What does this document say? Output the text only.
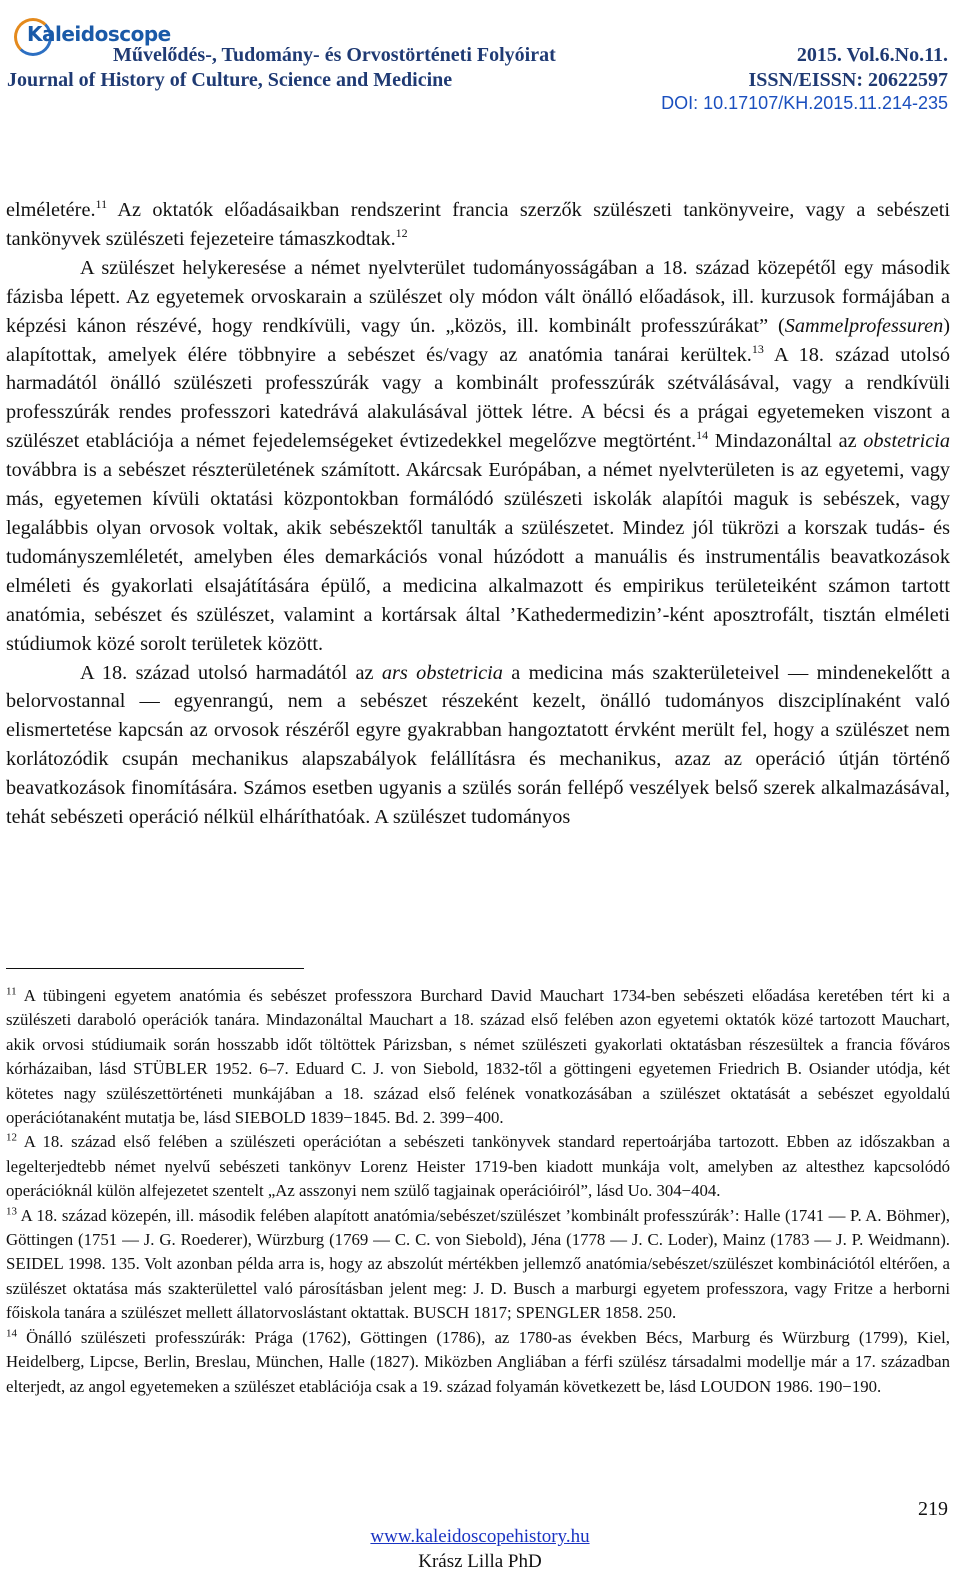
Kaleidoscope
Művelődés-, Tudomány- és Orvostörténeti Folyóirat
Journal of History of Culture, Science and Medicine
2015. Vol.6.No.11.
ISSN/EISSN: 20622597
DOI: 10.17107/KH.2015.11.214-235

elméletére.$^{11}$ Az oktatók előadásaikban rendszerint francia szerzők szülészeti tankönyveire, vagy a sebészeti tankönyvek szülészeti fejezeteire támaszkodtak.$^{12}$

A szülészet helykeresése a német nyelvterület tudományosságában a 18. század közepétől egy második fázisba lépett. Az egyetemek orvoskarain a szülészet oly módon vált önálló előadások, ill. kurzusok formájában a képzési kánon részévé, hogy rendkívüli, vagy ún. „közös, ill. kombinált professzúrákat” (Sammelprofessuren) alapítottak, amelyek élére többnyire a sebészet és/vagy az anatómia tanárai kerültek.$^{13}$ A 18. század utolsó harmadától önálló szülészeti professzúrák vagy a kombinált professzúrák szétválásával, vagy a rendkívüli professzúrák rendes professzori katedrává alakulásával jöttek létre. A bécsi és a prágai egyetemeken viszont a szülészet etablációja a német fejedelemségeket évtizedekkel megelőzve megtörtént.$^{14}$ Mindazonáltal az obstetricia továbbra is a sebészet részterületének számított. Akárcsak Európában, a német nyelvterületen is az egyetemi, vagy más, egyetemen kívüli oktatási központokban formálódó szülészeti iskolák alapítói maguk is sebészek, vagy legalábbis olyan orvosok voltak, akik sebészektől tanulták a szülészetet. Mindez jól tükrözi a korszak tudás- és tudományszemléletét, amelyben éles demarkációs vonal húzódott a manuális és instrumentális beavatkozások elméleti és gyakorlati elsajátítására épülő, a medicina alkalmazott és empirikus területeiként számon tartott anatómia, sebészet és szülészet, valamint a kortársak által ’Kathedermedizin’-ként aposztrofált, tisztán elméleti stúdiumok közé sorolt területek között.

A 18. század utolsó harmadától az ars obstetricia a medicina más szakterületeivel — mindenekelőtt a belorvostannal — egyenrangú, nem a sebészet részeként kezelt, önálló tudományos diszciplínaként való elismertetése kapcsán az orvosok részéről egyre gyakrabban hangoztatott érvként merült fel, hogy a szülészet nem korlátozódik csupán mechanikus alapszabályok felállításra és mechanikus, azaz az operáció útján történő beavatkozások finomítására. Számos esetben ugyanis a szülés során fellépő veszélyek belső szerek alkalmazásával, tehát sebészeti operáció nélkül elháríthatóak. A szülészet tudományos

$^{11}$ A tübingeni egyetem anatómia és sebészet professzora Burchard David Mauchart 1734-ben sebészeti előadása keretében tért ki a szülészeti daraboló operációk tanára. Mindazonáltal Mauchart a 18. század első felében azon egyetemi oktatók közé tartozott Mauchart, akik orvosi stúdiumaik során hosszabb időt töltöttek Párizsban, s német szülészeti gyakorlati oktatásban részesültek a francia főváros kórházaiban, lásd STÜBLER 1952. 6–7. Eduard C. J. von Siebold, 1832-től a göttingeni egyetemen Friedrich B. Osiander utódja, két kötetes nagy szülészettörténeti munkájában a 18. század első felének vonatkozásában a szülészet oktatását a sebészet egyoldalú operációtanaként mutatja be, lásd SIEBOLD 1839−1845. Bd. 2. 399−400.

$^{12}$ A 18. század első felében a szülészeti operációtan a sebészeti tankönyvek standard repertoárjába tartozott. Ebben az időszakban a legelterjedtebb német nyelvű sebészeti tankönyv Lorenz Heister 1719-ben kiadott munkája volt, amelyben az altesthez kapcsolódó operációknál külön alfejezetet szentelt „Az asszonyi nem szülő tagjainak operációiról”, lásd Uo. 304−404.

$^{13}$ A 18. század közepén, ill. második felében alapított anatómia/sebészet/szülészet ’kombinált professzúrák’: Halle (1741 — P. A. Böhmer), Göttingen (1751 — J. G. Roederer), Würzburg (1769 — C. C. von Siebold), Jéna (1778 — J. C. Loder), Mainz (1783 — J. P. Weidmann). SEIDEL 1998. 135. Volt azonban példa arra is, hogy az abszolút mértékben jellemző anatómia/sebészet/szülészet kombinációtól eltérően, a szülészet oktatása más szakterülettel való párosításban jelent meg: J. D. Busch a marburgi egyetem professzora, vagy Fritze a herborni főiskola tanára a szülészet mellett állatorvoslástant oktattak. BUSCH 1817; SPENGLER 1858. 250.

$^{14}$ Önálló szülészeti professzúrák: Prága (1762), Göttingen (1786), az 1780-as években Bécs, Marburg és Würzburg (1799), Kiel, Heidelberg, Lipcse, Berlin, Breslau, München, Halle (1827). Miközben Angliában a férfi szülész társadalmi modellje már a 17. században elterjedt, az angol egyetemeken a szülészet etablációja csak a 19. század folyamán következett be, lásd LOUDON 1986. 190−190.

219
www.kaleidoscopehistory.hu
Krász Lilla PhD
